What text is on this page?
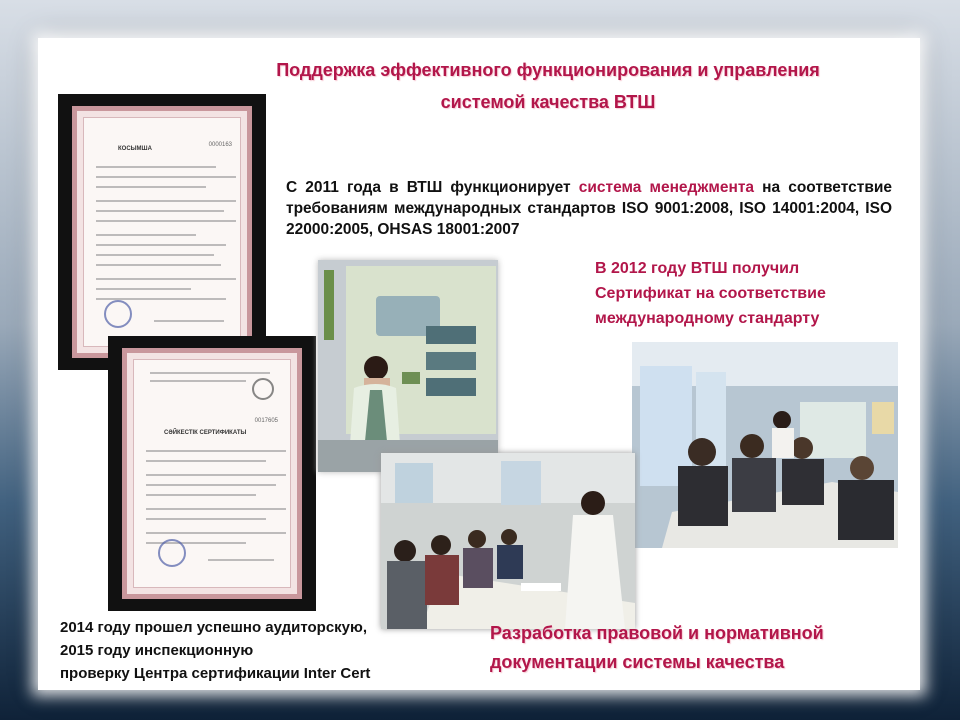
Поддержка эффективного функционирования и управления
системой качества ВТШ
КОСЫМША
0000163
СӘЙКЕСТІК СЕРТИФИКАТЫ
0017605
С 2011 года в ВТШ функционирует система менеджмента на соответствие требованиям международных стандартов ISO 9001:2008, ISO 14001:2004, ISO 22000:2005, OHSAS 18001:2007
В 2012 году ВТШ получил
Сертификат на соответствие
международному стандарту
2014 году прошел успешно аудиторскую,
2015 году инспекционную
проверку Центра сертификации Inter Cert
Разработка правовой и нормативной
документации системы качества
